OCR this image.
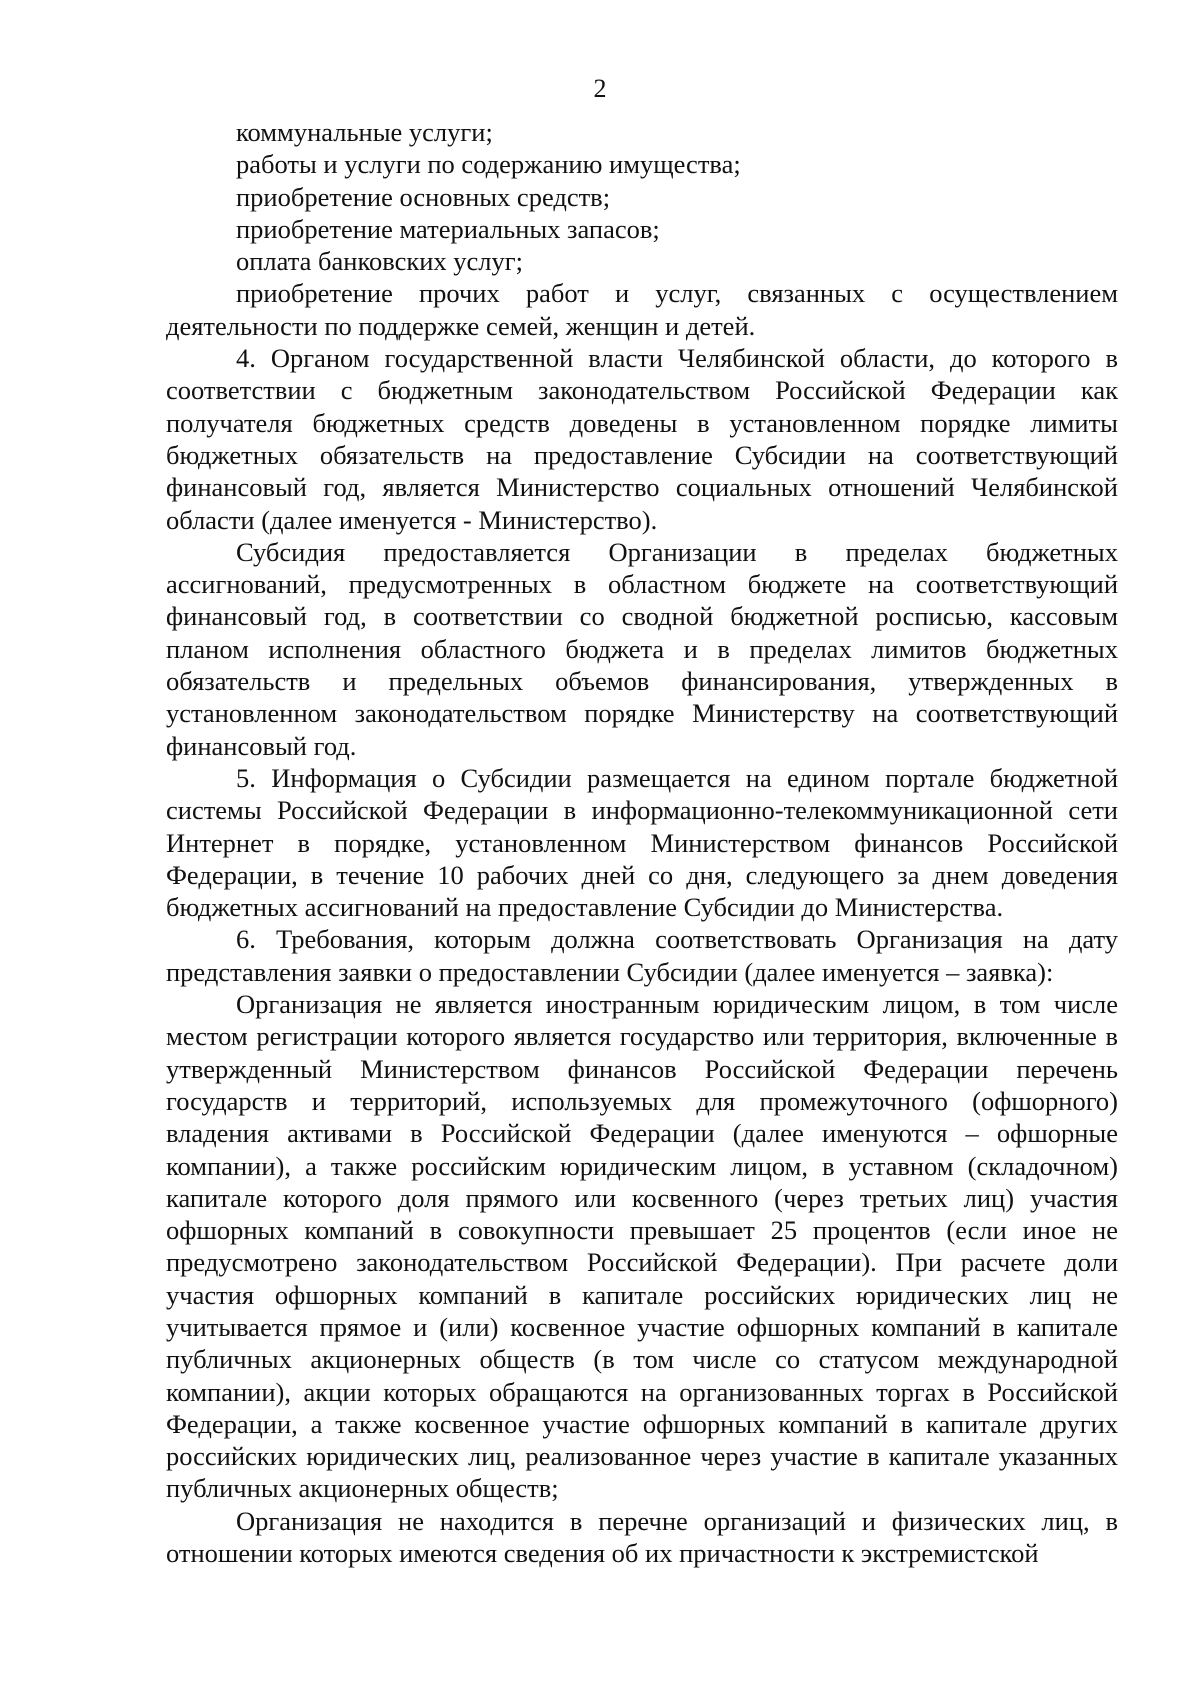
2

коммунальные услуги;

работы и услуги по содержанию имущества;

приобретение основных средств;

приобретение материальных запасов;

оплата банковских услуг;

приобретение прочих работ и услуг, связанных с осуществлением деятельности по поддержке семей, женщин и детей.

4. Органом государственной власти Челябинской области, до которого в соответствии с бюджетным законодательством Российской Федерации как получателя бюджетных средств доведены в установленном порядке лимиты бюджетных обязательств на предоставление Субсидии на соответствующий финансовый год, является Министерство социальных отношений Челябинской области (далее именуется - Министерство).

Субсидия предоставляется Организации в пределах бюджетных ассигнований, предусмотренных в областном бюджете на соответствующий финансовый год, в соответствии со сводной бюджетной росписью, кассовым планом исполнения областного бюджета и в пределах лимитов бюджетных обязательств и предельных объемов финансирования, утвержденных в установленном законодательством порядке Министерству на соответствующий финансовый год.

5. Информация о Субсидии размещается на едином портале бюджетной системы Российской Федерации в информационно-телекоммуникационной сети Интернет в порядке, установленном Министерством финансов Российской Федерации, в течение 10 рабочих дней со дня, следующего за днем доведения бюджетных ассигнований на предоставление Субсидии до Министерства.

6. Требования, которым должна соответствовать Организация на дату представления заявки о предоставлении Субсидии (далее именуется – заявка):

Организация не является иностранным юридическим лицом, в том числе местом регистрации которого является государство или территория, включенные в утвержденный Министерством финансов Российской Федерации перечень государств и территорий, используемых для промежуточного (офшорного) владения активами в Российской Федерации (далее именуются – офшорные компании), а также российским юридическим лицом, в уставном (складочном) капитале которого доля прямого или косвенного (через третьих лиц) участия офшорных компаний в совокупности превышает 25 процентов (если иное не предусмотрено законодательством Российской Федерации). При расчете доли участия офшорных компаний в капитале российских юридических лиц не учитывается прямое и (или) косвенное участие офшорных компаний в капитале публичных акционерных обществ (в том числе со статусом международной компании), акции которых обращаются на организованных торгах в Российской Федерации, а также косвенное участие офшорных компаний в капитале других российских юридических лиц, реализованное через участие в капитале указанных публичных акционерных обществ;

Организация не находится в перечне организаций и физических лиц, в отношении которых имеются сведения об их причастности к экстремистской
